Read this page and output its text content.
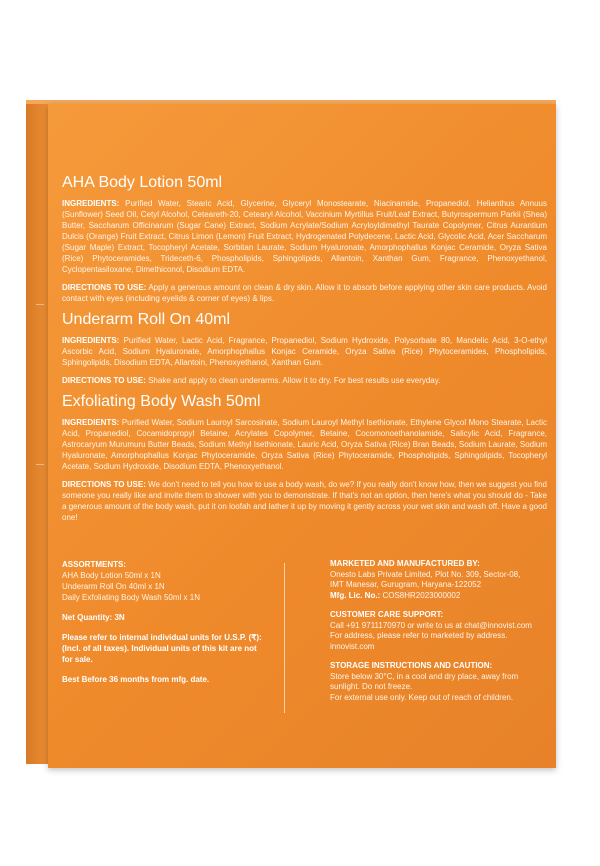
AHA Body Lotion 50ml

INGREDIENTS: Purified Water, Stearic Acid, Glycerine, Glyceryl Monostearate, Niacinamide, Propanediol, Helianthus Annuus (Sunflower) Seed Oil, Cetyl Alcohol, Ceteareth-20, Cetearyl Alcohol, Vaccinium Myrtillus Fruit/Leaf Extract, Butyrospermum Parkii (Shea) Butter, Saccharum Officinarum (Sugar Cane) Extract, Sodium Acrylate/Sodium Acryloyldimethyl Taurate Copolymer, Citrus Aurantium Dulcis (Orange) Fruit Extract, Citrus Limon (Lemon) Fruit Extract, Hydrogenated Polydecene, Lactic Acid, Glycolic Acid, Acer Saccharum (Sugar Maple) Extract, Tocopheryl Acetate, Sorbitan Laurate, Sodium Hyaluronate, Amorphophallus Konjac Ceramide, Oryza Sativa (Rice) Phytoceramides, Trideceth-6, Phospholipids, Sphingolipids, Allantoin, Xanthan Gum, Fragrance, Phenoxyethanol, Cyclopentasiloxane, Dimethiconol, Disodium EDTA.

DIRECTIONS TO USE: Apply a generous amount on clean & dry skin. Allow it to absorb before applying other skin care products. Avoid contact with eyes (including eyelids & corner of eyes) & lips.

Underarm Roll On 40ml

INGREDIENTS: Purified Water, Lactic Acid, Fragrance, Propanediol, Sodium Hydroxide, Polysorbate 80, Mandelic Acid, 3-O-ethyl Ascorbic Acid, Sodium Hyaluronate, Amorphophallus Konjac Ceramide, Oryza Sativa (Rice) Phytoceramides, Phospholipids, Sphingolipids, Disodium EDTA, Allantoin, Phenoxyethanol, Xanthan Gum.

DIRECTIONS TO USE: Shake and apply to clean underarms. Allow it to dry. For best results use everyday.

Exfoliating Body Wash 50ml

INGREDIENTS: Purified Water, Sodium Lauroyl Sarcosinate, Sodium Lauroyl Methyl Isethionate, Ethylene Glycol Mono Stearate, Lactic Acid, Propanediol, Cocamidopropyl Betaine, Acrylates Copolymer, Betaine, Cocomonoethanolamide, Salicylic Acid, Fragrance, Astrocaryum Murumuru Butter Beads, Sodium Methyl Isethionate, Lauric Acid, Oryza Sativa (Rice) Bran Beads, Sodium Laurate, Sodium Hyaluronate, Amorphophallus Konjac Phytoceramide, Oryza Sativa (Rice) Phytoceramide, Phospholipids, Sphingolipids, Tocopheryl Acetate, Sodium Hydroxide, Disodium EDTA, Phenoxyethanol.

DIRECTIONS TO USE: We don't need to tell you how to use a body wash, do we? If you really don't know how, then we suggest you find someone you really like and invite them to shower with you to demonstrate. If that's not an option, then here's what you should do - Take a generous amount of the body wash, put it on loofah and lather it up by moving it gently across your wet skin and wash off. Have a good one!

ASSORTMENTS:
AHA Body Lotion 50ml x 1N
Underarm Roll On 40ml x 1N
Daily Exfoliating Body Wash 50ml x 1N
Net Quantity: 3N
Please refer to internal individual units for U.S.P. (₹): (Incl. of all taxes). Individual units of this kit are not for sale.
Best Before 36 months from mfg. date.
MARKETED AND MANUFACTURED BY:
Onesto Labs Private Limited, Plot No. 309, Sector-08,
IMT Manesar, Gurugram, Haryana-122052
Mfg. Lic. No.: COS8HR2023000002
CUSTOMER CARE SUPPORT:
Call +91 9711170970 or write to us at chat@innovist.com
For address, please refer to marketed by address.
innovist.com
STORAGE INSTRUCTIONS AND CAUTION:
Store below 30°C, in a cool and dry place, away from
sunlight. Do not freeze.
For external use only. Keep out of reach of children.
